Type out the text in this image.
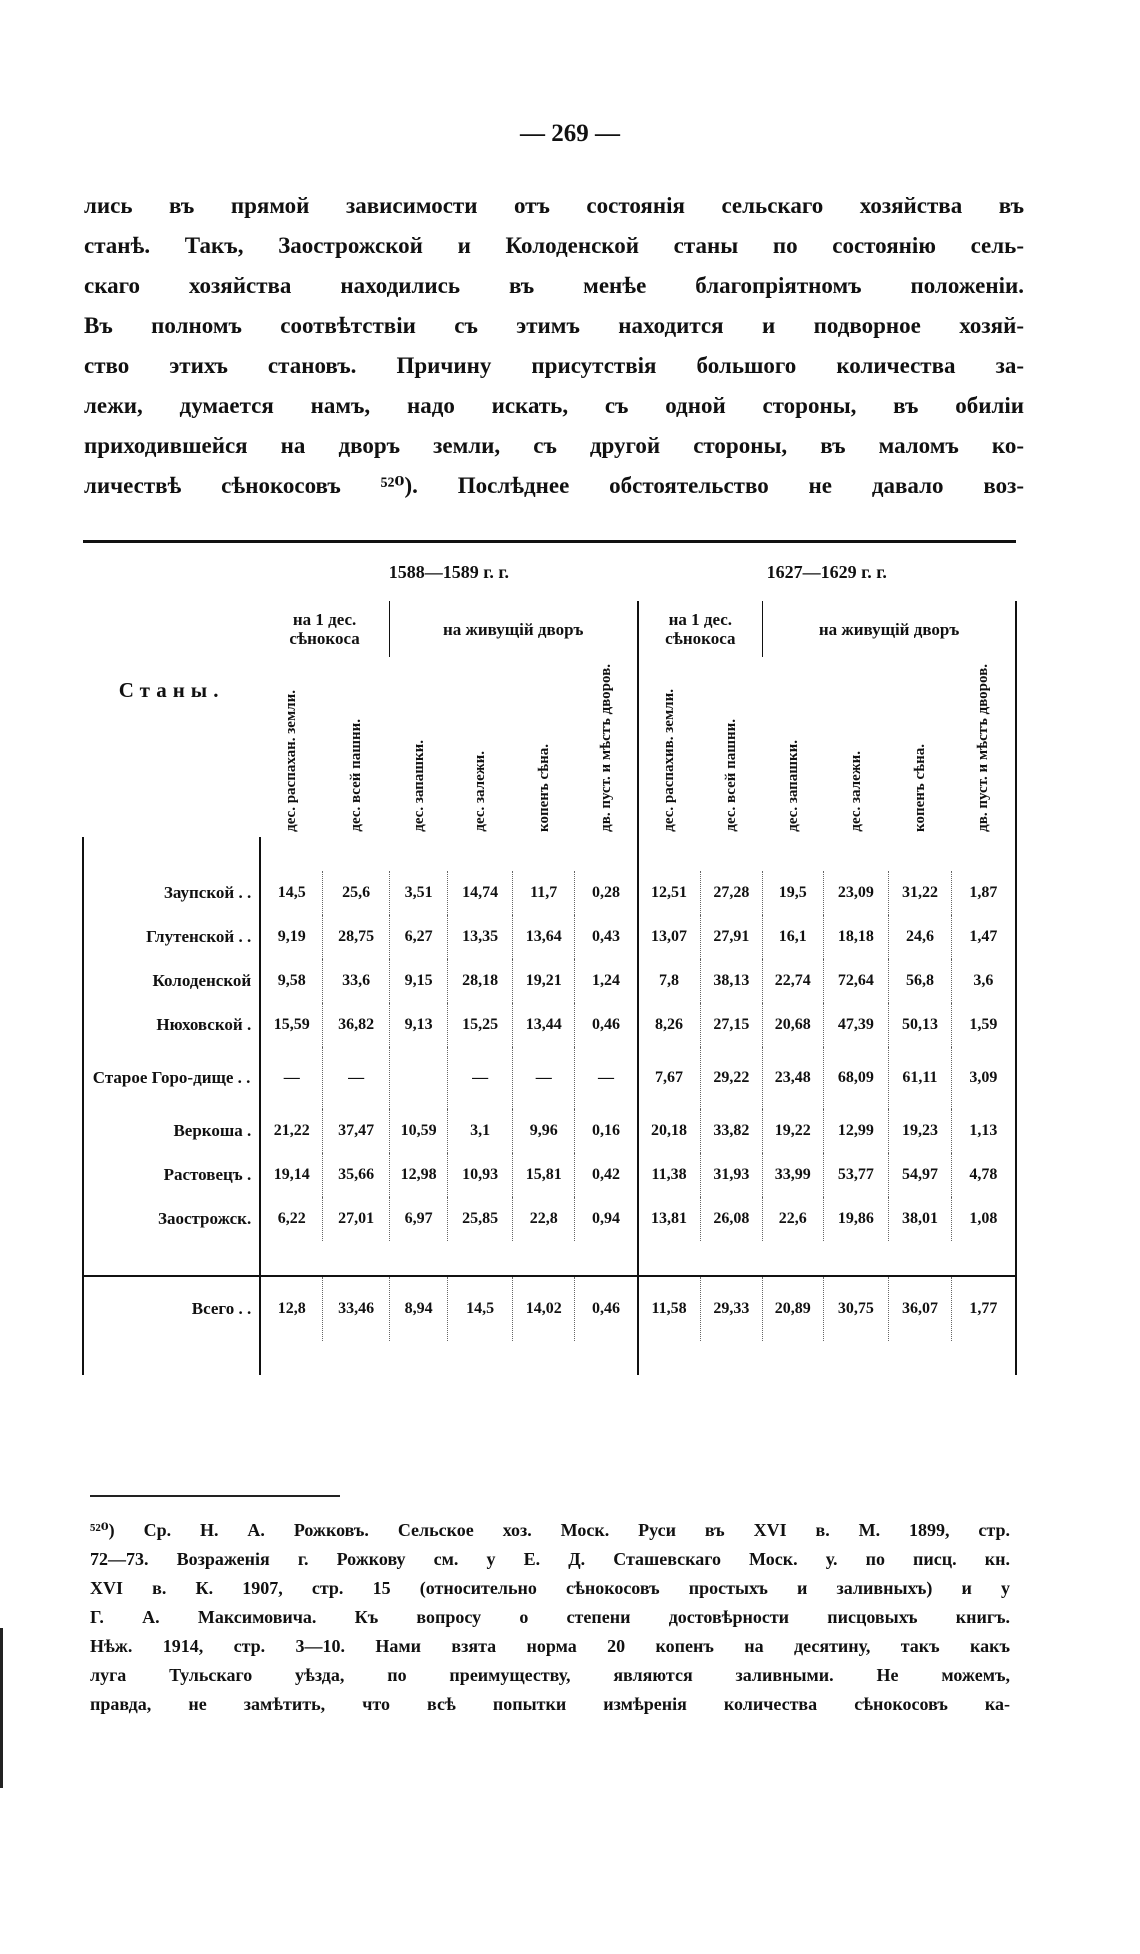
— 269 —
лись въ прямой зависимости отъ состоянія сельскаго хозяйства въ
станѣ. Такъ, Заострожской и Колоденской станы по состоянію сель-
скаго хозяйства находились въ менѣе благопріятномъ положеніи.
Въ полномъ соотвѣтствіи съ этимъ находится и подворное хозяй-
ство этихъ становъ. Причину присутствія большого количества за-
лежи, думается намъ, надо искать, съ одной стороны, въ обиліи
приходившейся на дворъ земли, съ другой стороны, въ маломъ ко-
личествѣ сѣнокосовъ ⁵²⁰). Послѣднее обстоятельство не давало воз-
Станы.	1588—1589 г. г.						1627—1629 г. г.					
	на 1 дес. сѣнокоса		на живущій дворъ				на 1 дес. сѣнокоса		на живущій дворъ			
	дес. распахан. земли.	дес. всей пашни.	дес. запашки.	дес. залежи.	копенъ сѣна.	дв. пуст. и мѣстъ дворов.	дес. распахив. земли.	дес. всей пашни.	дес. запашки.	дес. залежи.	копенъ сѣна.	дв. пуст. и мѣстъ дворов.

Заупской . .	14,5	25,6	3,51	14,74	11,7	0,28	12,51	27,28	19,5	23,09	31,22	1,87
Глутенской . .	9,19	28,75	6,27	13,35	13,64	0,43	13,07	27,91	16,1	18,18	24,6	1,47
Колоденской	9,58	33,6	9,15	28,18	19,21	1,24	7,8	38,13	22,74	72,64	56,8	3,6
Нюховской .	15,59	36,82	9,13	15,25	13,44	0,46	8,26	27,15	20,68	47,39	50,13	1,59
Старое Горо-дище . .	—	—		—	—	—	7,67	29,22	23,48	68,09	61,11	3,09
Веркоша .	21,22	37,47	10,59	3,1	9,96	0,16	20,18	33,82	19,22	12,99	19,23	1,13
Растовецъ .	19,14	35,66	12,98	10,93	15,81	0,42	11,38	31,93	33,99	53,77	54,97	4,78
Заострожск.	6,22	27,01	6,97	25,85	22,8	0,94	13,81	26,08	22,6	19,86	38,01	1,08

Всего . .	12,8	33,46	8,94	14,5	14,02	0,46	11,58	29,33	20,89	30,75	36,07	1,77

⁵²⁰) Ср. Н. А. Рожковъ. Сельское хоз. Моск. Руси въ XVI в. М. 1899, стр.
72—73. Возраженія г. Рожкову см. у Е. Д. Сташевскаго Моск. у. по писц. кн.
XVI в. К. 1907, стр. 15 (относительно сѣнокосовъ простыхъ и заливныхъ) и у
Г. А. Максимовича. Къ вопросу о степени достовѣрности писцовыхъ книгъ.
Нѣж. 1914, стр. 3—10. Нами взята норма 20 копенъ на десятину, такъ какъ
луга Тульскаго уѣзда, по преимуществу, являются заливными. Не можемъ,
правда, не замѣтить, что всѣ попытки измѣренія количества сѣнокосовъ ка-
